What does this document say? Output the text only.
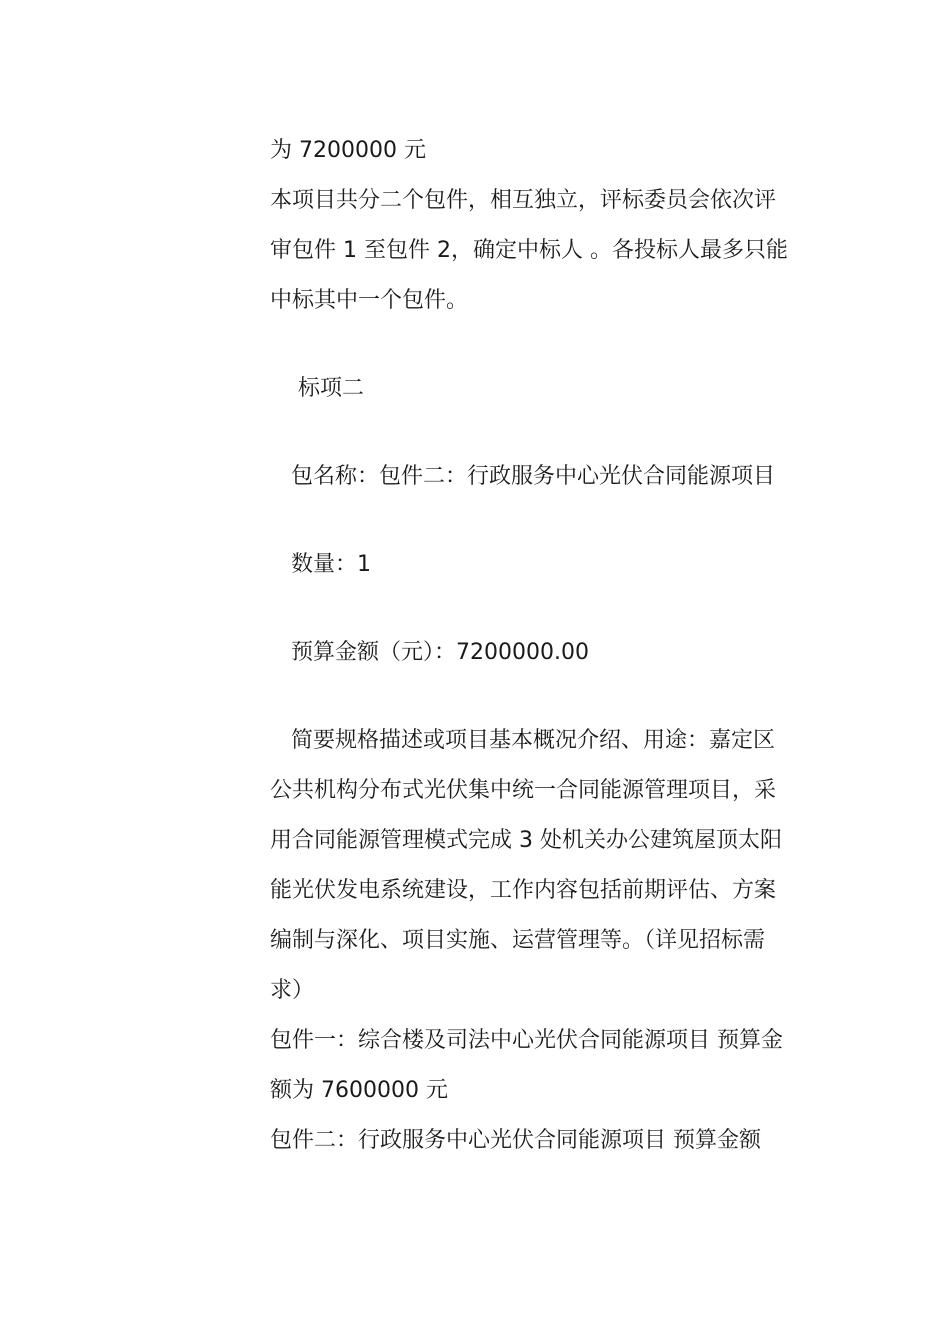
为 7200000 元

本项目共分二个包件，相互独立，评标委员会依次评审包件 1 至包件 2，确定中标人 。各投标人最多只能中标其中一个包件。

标项二

包名称：包件二：行政服务中心光伏合同能源项目

数量：1

预算金额（元）：7200000.00

简要规格描述或项目基本概况介绍、用途：嘉定区公共机构分布式光伏集中统一合同能源管理项目，采用合同能源管理模式完成 3 处机关办公建筑屋顶太阳能光伏发电系统建设，工作内容包括前期评估、方案编制与深化、项目实施、运营管理等。（详见招标需求）

包件一：综合楼及司法中心光伏合同能源项目 预算金额为 7600000 元

包件二：行政服务中心光伏合同能源项目 预算金额
